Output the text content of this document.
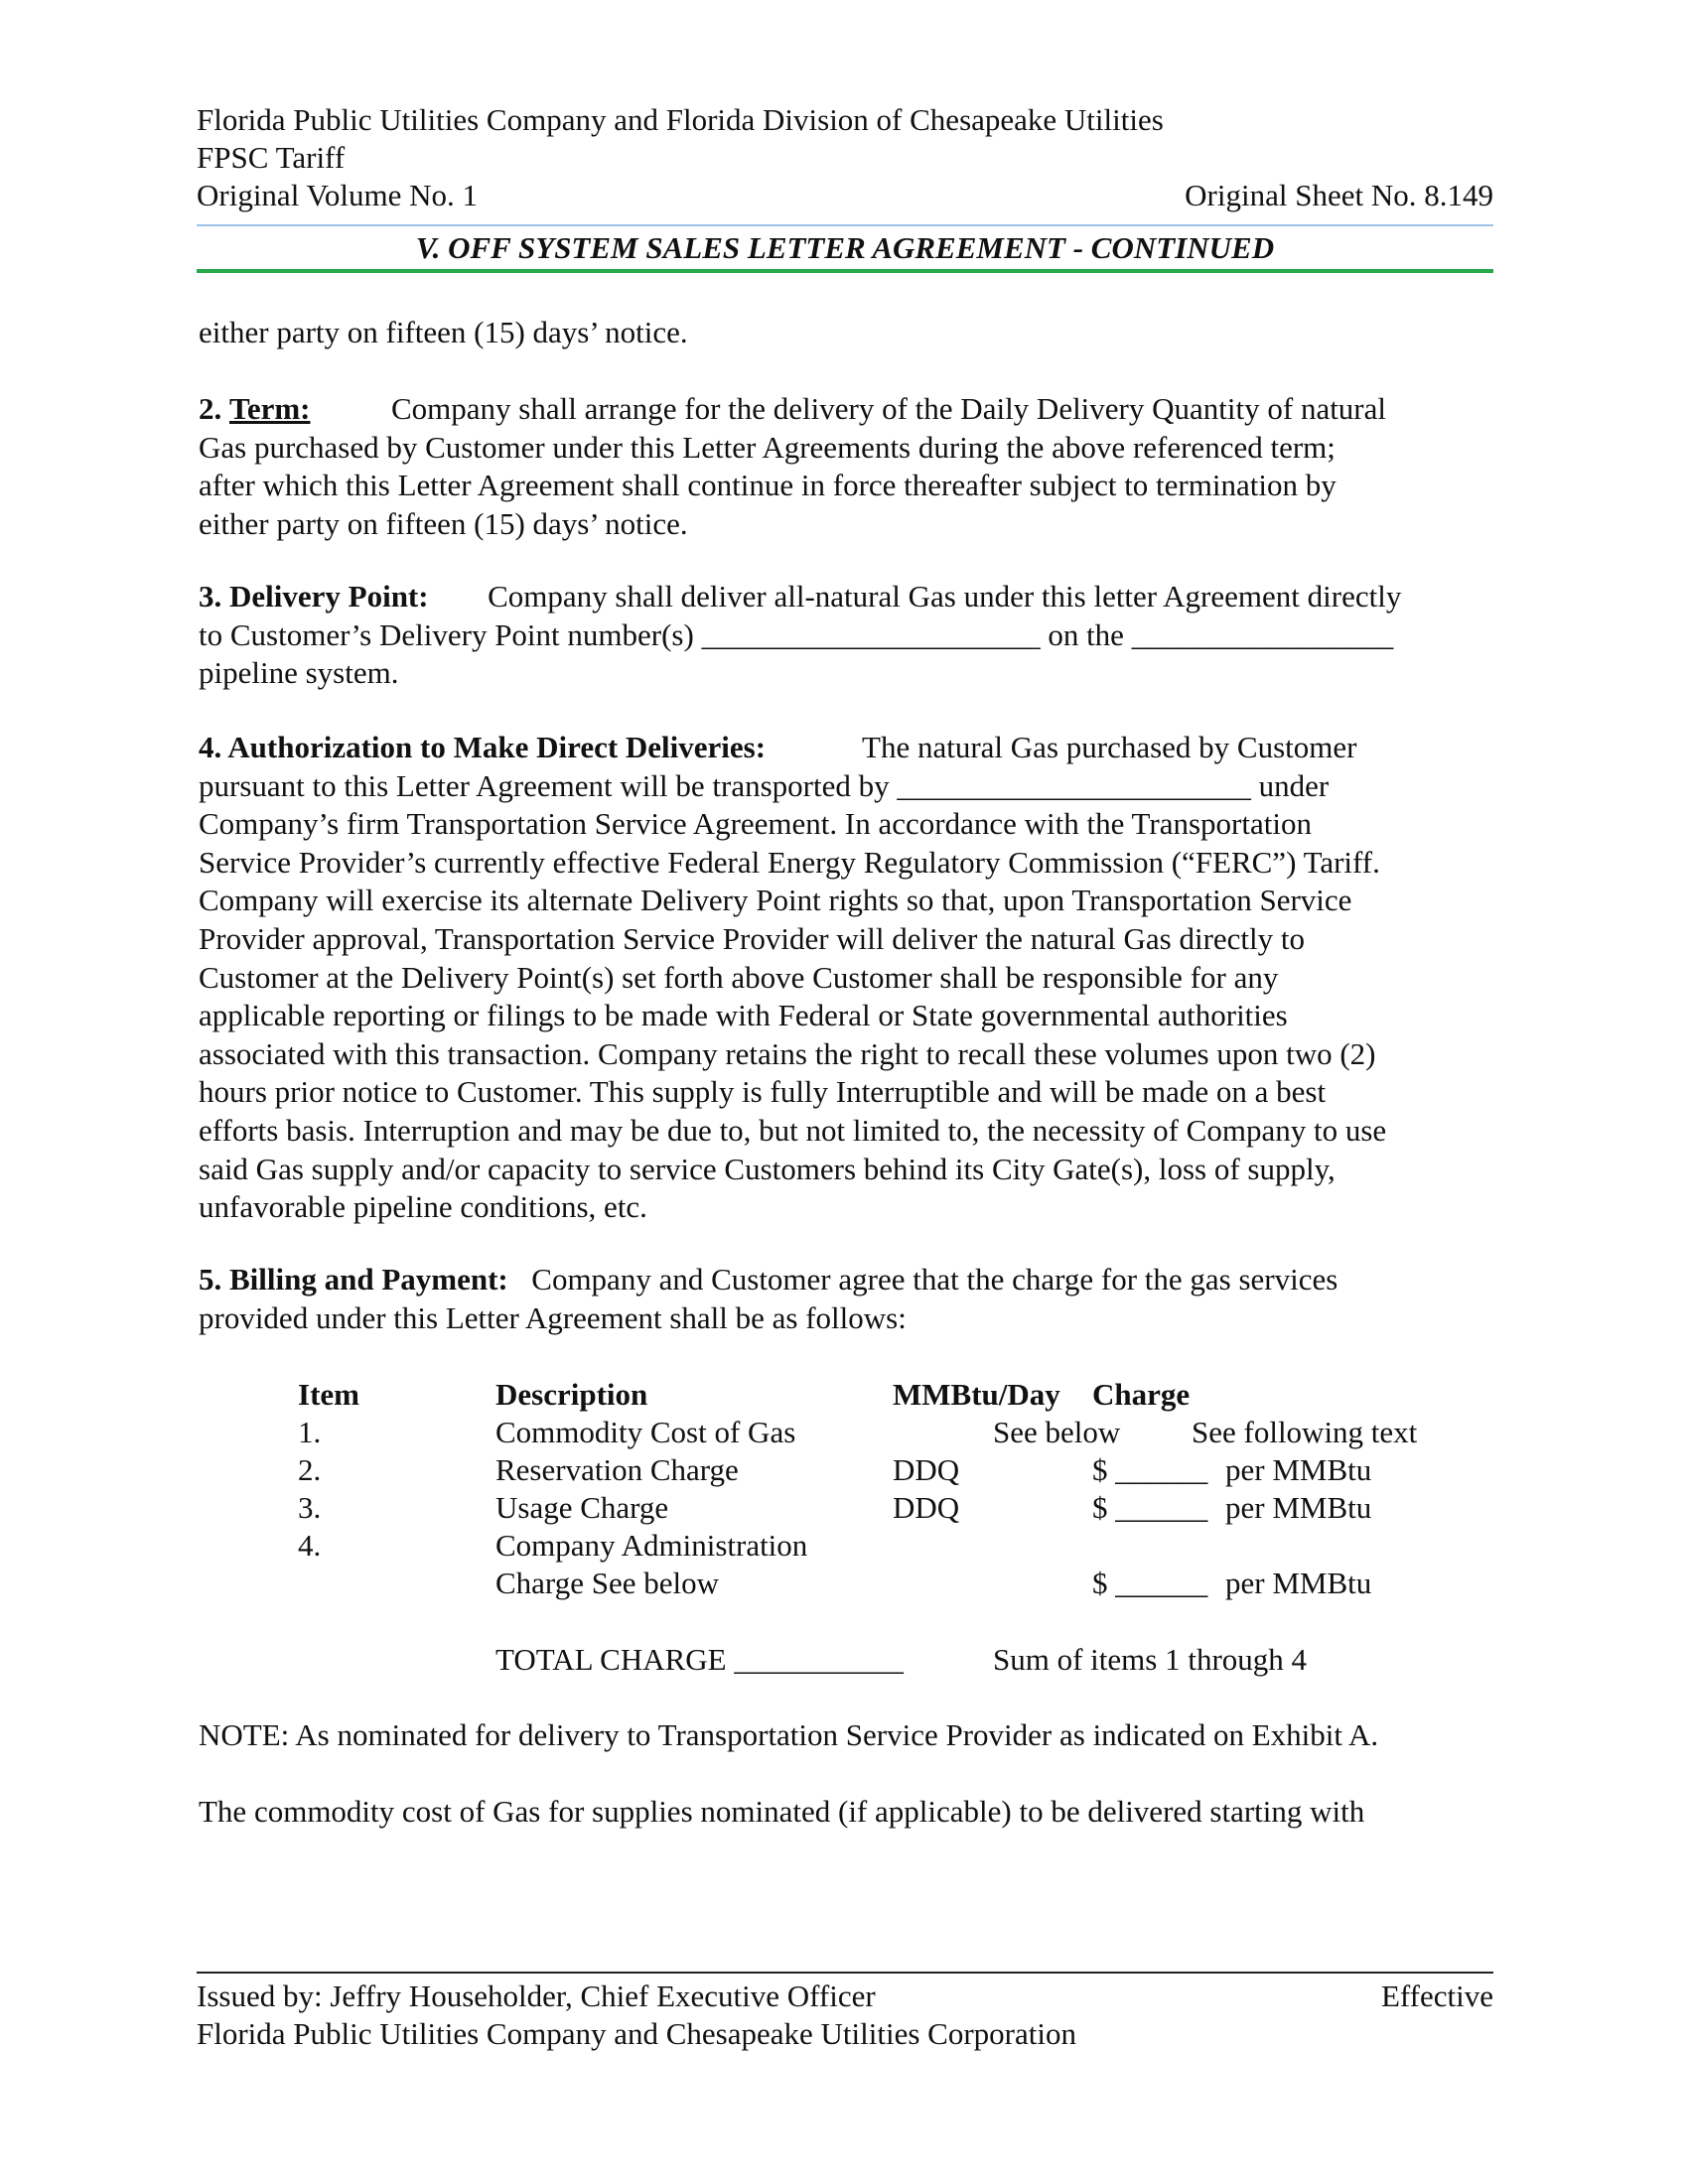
Florida Public Utilities Company and Florida Division of Chesapeake Utilities
FPSC Tariff
Original Volume No. 1	Original Sheet No. 8.149
V. OFF SYSTEM SALES LETTER AGREEMENT - CONTINUED

either party on fifteen (15) days’ notice.

2. Term:	Company shall arrange for the delivery of the Daily Delivery Quantity of natural

Gas purchased by Customer under this Letter Agreements during the above referenced term;

after which this Letter Agreement shall continue in force thereafter subject to termination by

either party on fifteen (15) days’ notice.

3. Delivery Point: Company shall deliver all-natural Gas under this letter Agreement directly

to Customer’s Delivery Point number(s) ______________________ on the _________________

pipeline system.

4. Authorization to Make Direct Deliveries:	The natural Gas purchased by Customer

pursuant to this Letter Agreement will be transported by _______________________ under

Company’s firm Transportation Service Agreement. In accordance with the Transportation

Service Provider’s currently effective Federal Energy Regulatory Commission (“FERC”) Tariff.

Company will exercise its alternate Delivery Point rights so that, upon Transportation Service

Provider approval, Transportation Service Provider will deliver the natural Gas directly to

Customer at the Delivery Point(s) set forth above Customer shall be responsible for any

applicable reporting or filings to be made with Federal or State governmental authorities

associated with this transaction. Company retains the right to recall these volumes upon two (2)

hours prior notice to Customer. This supply is fully Interruptible and will be made on a best

efforts basis. Interruption and may be due to, but not limited to, the necessity of Company to use

said Gas supply and/or capacity to service Customers behind its City Gate(s), loss of supply,

unfavorable pipeline conditions, etc.

5. Billing and Payment: Company and Customer agree that the charge for the gas services

provided under this Letter Agreement shall be as follows:

Item	Description	MMBtu/Day Charge
1.	Commodity Cost of Gas	See below See following text
2.	Reservation Charge	DDQ	$ ______ per MMBtu
3.	Usage Charge	DDQ	$ ______ per MMBtu
4.	Company Administration
Charge See below	$ ______ per MMBtu
TOTAL CHARGE ___________	Sum of items 1 through 4

NOTE: As nominated for delivery to Transportation Service Provider as indicated on Exhibit A.

The commodity cost of Gas for supplies nominated (if applicable) to be delivered starting with

Issued by: Jeffry Householder, Chief Executive Officer	Effective
Florida Public Utilities Company and Chesapeake Utilities Corporation
